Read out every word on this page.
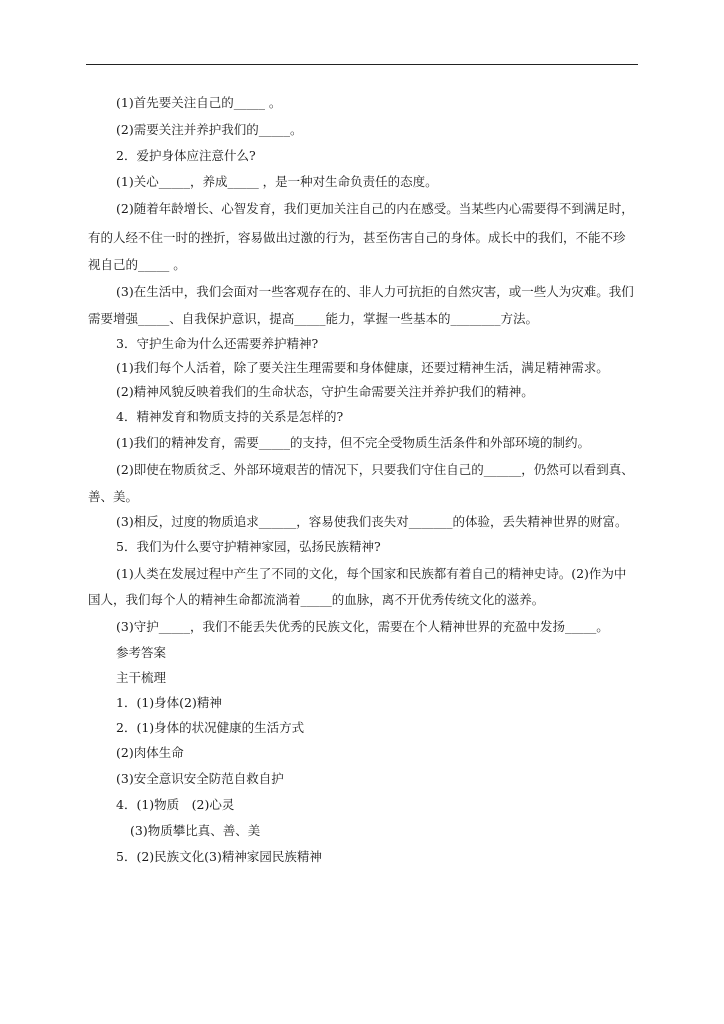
(1)首先要关注自己的_____ 。
(2)需要关注并养护我们的_____。
2．爱护身体应注意什么?
(1)关心_____，养成_____ ，是一种对生命负责任的态度。
(2)随着年龄增长、心智发育，我们更加关注自己的内在感受。当某些内心需要得不到满足时，
有的人经不住一时的挫折，容易做出过激的行为，甚至伤害自己的身体。成长中的我们，不能不珍
视自己的_____ 。
(3)在生活中，我们会面对一些客观存在的、非人力可抗拒的自然灾害，或一些人为灾难。我们
需要增强_____、自我保护意识，提高_____能力，掌握一些基本的________方法。
3．守护生命为什么还需要养护精神?
(1)我们每个人活着，除了要关注生理需要和身体健康，还要过精神生活，满足精神需求。
(2)精神风貌反映着我们的生命状态，守护生命需要关注并养护我们的精神。
4．精神发育和物质支持的关系是怎样的?
(1)我们的精神发育，需要_____的支持，但不完全受物质生活条件和外部环境的制约。
(2)即使在物质贫乏、外部环境艰苦的情况下，只要我们守住自己的______，仍然可以看到真、
善、美。
(3)相反，过度的物质追求______，容易使我们丧失对_______的体验，丢失精神世界的财富。
5．我们为什么要守护精神家园，弘扬民族精神?
(1)人类在发展过程中产生了不同的文化，每个国家和民族都有着自己的精神史诗。(2)作为中
国人，我们每个人的精神生命都流淌着_____的血脉，离不开优秀传统文化的滋养。
(3)守护_____，我们不能丢失优秀的民族文化，需要在个人精神世界的充盈中发扬_____。
参考答案
主干梳理
1．(1)身体(2)精神
2．(1)身体的状况健康的生活方式
(2)肉体生命
(3)安全意识安全防范自救自护
4．(1)物质　(2)心灵
(3)物质攀比真、善、美
5．(2)民族文化(3)精神家园民族精神
